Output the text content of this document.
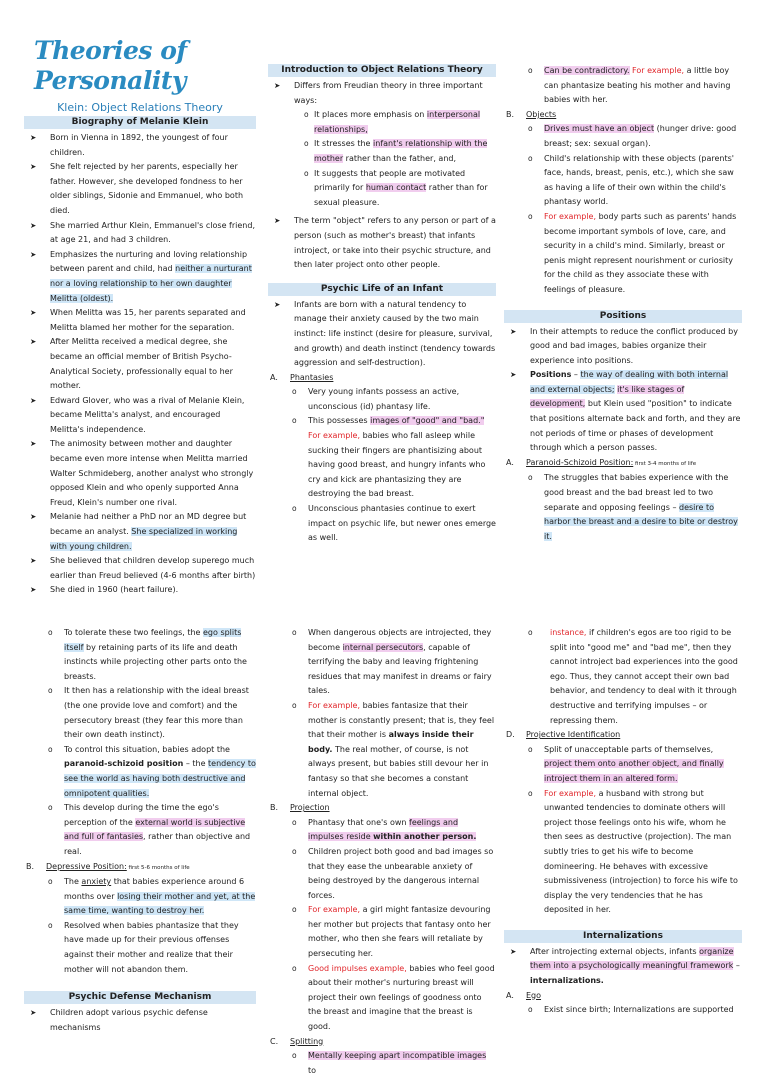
Theories of Personality
Klein: Object Relations Theory
Biography of Melanie Klein
➤ Born in Vienna in 1892, the youngest of four children.
➤ She felt rejected by her parents, especially her father. However, she developed fondness to her older siblings, Sidonie and Emmanuel, who both died.
➤ She married Arthur Klein, Emmanuel's close friend, at age 21, and had 3 children.
➤ Emphasizes the nurturing and loving relationship between parent and child, had neither a nurturant nor a loving relationship to her own daughter Melitta (oldest).
➤ When Melitta was 15, her parents separated and Melitta blamed her mother for the separation.
➤ After Melitta received a medical degree, she became an official member of British Psycho-Analytical Society, professionally equal to her mother.
➤ Edward Glover, who was a rival of Melanie Klein, became Melitta's analyst, and encouraged Melitta's independence.
➤ The animosity between mother and daughter became even more intense when Melitta married Walter Schmideberg, another analyst who strongly opposed Klein and who openly supported Anna Freud, Klein's number one rival.
➤ Melanie had neither a PhD nor an MD degree but became an analyst. She specialized in working with young children.
➤ She believed that children develop superego much earlier than Freud believed (4-6 months after birth)
➤ She died in 1960 (heart failure).
Introduction to Object Relations Theory
➤ Differs from Freudian theory in three important ways:
o It places more emphasis on interpersonal relationships,
o It stresses the infant's relationship with the mother rather than the father, and,
o It suggests that people are motivated primarily for human contact rather than for sexual pleasure.
➤ The term "object" refers to any person or part of a person (such as mother's breast) that infants introject, or take into their psychic structure, and then later project onto other people.
Psychic Life of an Infant
➤ Infants are born with a natural tendency to manage their anxiety caused by the two main instinct: life instinct (desire for pleasure, survival, and growth) and death instinct (tendency towards aggression and self-destruction).
A. Phantasies
o Very young infants possess an active, unconscious (id) phantasy life.
o This possesses images of "good" and "bad." For example, babies who fall asleep while sucking their fingers are phantisizing about having good breast, and hungry infants who cry and kick are phantasizing they are destroying the bad breast.
o Unconscious phantasies continue to exert impact on psychic life, but newer ones emerge as well.
o Can be contradictory. For example, a little boy can phantasize beating his mother and having babies with her.
B. Objects
o Drives must have an object (hunger drive: good breast; sex: sexual organ).
o Child's relationship with these objects (parents' face, hands, breast, penis, etc.), which she saw as having a life of their own within the child's phantasy world.
o For example, body parts such as parents' hands become important symbols of love, care, and security in a child's mind. Similarly, breast or penis might represent nourishment or curiosity for the child as they associate these with feelings of pleasure.
Positions
➤ In their attempts to reduce the conflict produced by good and bad images, babies organize their experience into positions.
➤ Positions – the way of dealing with both internal and external objects; it's like stages of development, but Klein used "position" to indicate that positions alternate back and forth, and they are not periods of time or phases of development through which a person passes.
A. Paranoid-Schizoid Position: first 3-4 months of life
o The struggles that babies experience with the good breast and the bad breast led to two separate and opposing feelings – desire to harbor the breast and a desire to bite or destroy it.
o To tolerate these two feelings, the ego splits itself by retaining parts of its life and death instincts while projecting other parts onto the breasts.
o It then has a relationship with the ideal breast (the one provide love and comfort) and the persecutory breast (they fear this more than their own death instinct).
o To control this situation, babies adopt the paranoid-schizoid position – the tendency to see the world as having both destructive and omnipotent qualities.
o This develop during the time the ego's perception of the external world is subjective and full of fantasies, rather than objective and real.
B. Depressive Position: first 5-6 months of life
o The anxiety that babies experience around 6 months over losing their mother and yet, at the same time, wanting to destroy her.
o Resolved when babies phantasize that they have made up for their previous offenses against their mother and realize that their mother will not abandon them.
Psychic Defense Mechanism
➤ Children adopt various psychic defense mechanisms
o When dangerous objects are introjected, they become internal persecutors, capable of terrifying the baby and leaving frightening residues that may manifest in dreams or fairy tales.
o For example, babies fantasize that their mother is constantly present; that is, they feel that their mother is always inside their body. The real mother, of course, is not always present, but babies still devour her in fantasy so that she becomes a constant internal object.
B. Projection
o Phantasy that one's own feelings and impulses reside within another person.
o Children project both good and bad images so that they ease the unbearable anxiety of being destroyed by the dangerous internal forces.
o For example, a girl might fantasize devouring her mother but projects that fantasy onto her mother, who then she fears will retaliate by persecuting her.
o Good impulses example, babies who feel good about their mother's nurturing breast will project their own feelings of goodness onto the breast and imagine that the breast is good.
C. Splitting
o Mentally keeping apart incompatible images to
o instance, if children's egos are too rigid to be split into "good me" and "bad me", then they cannot introject bad experiences into the good ego. Thus, they cannot accept their own bad behavior, and tendency to deal with it through destructive and terrifying impulses – or repressing them.
D. Projective Identification
o Split of unacceptable parts of themselves, project them onto another object, and finally introject them in an altered form.
o For example, a husband with strong but unwanted tendencies to dominate others will project those feelings onto his wife, whom he then sees as destructive (projection). The man subtly tries to get his wife to become domineering. He behaves with excessive submissiveness (introjection) to force his wife to display the very tendencies that he has deposited in her.
Internalizations
➤ After introjecting external objects, infants organize them into a psychologically meaningful framework – internalizations.
A. Ego
o Exist since birth; Internalizations are supported
